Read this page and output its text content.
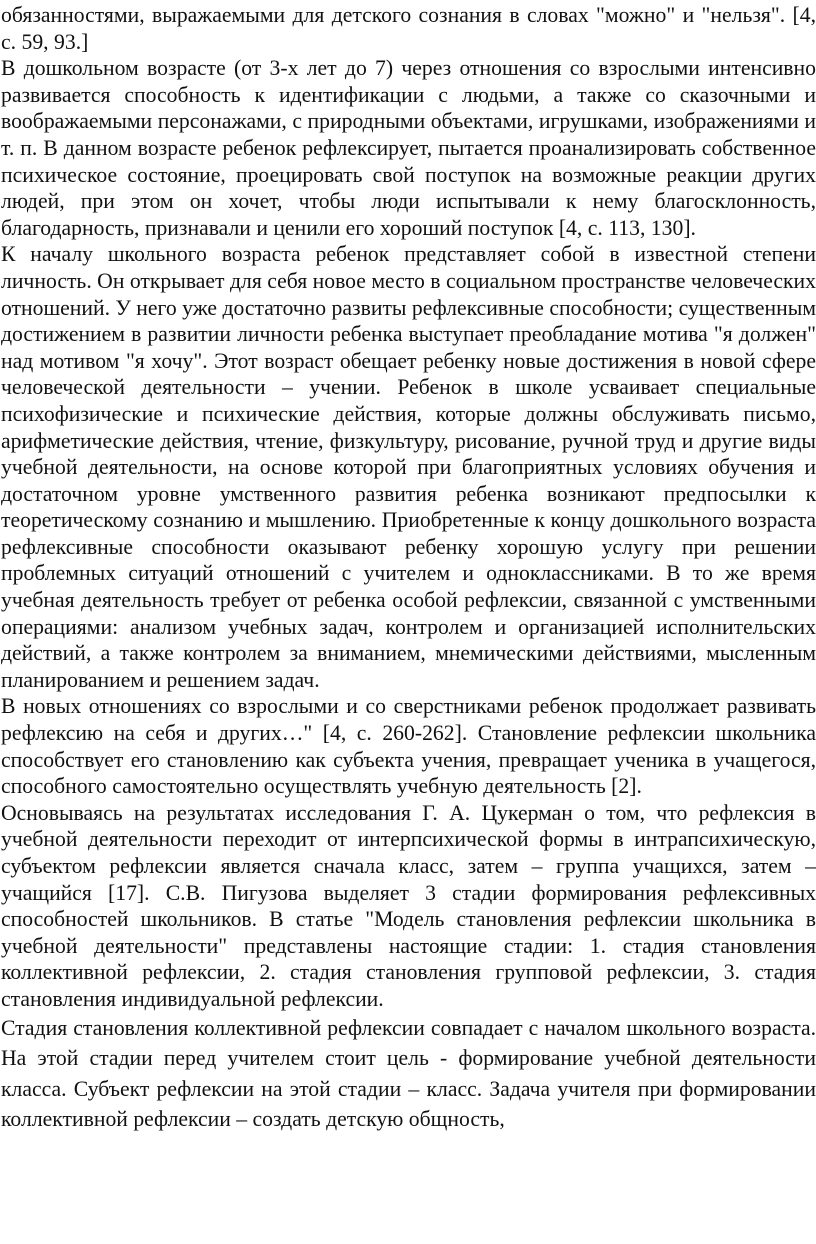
обязанностями, выражаемыми для детского сознания в словах "можно" и "нельзя". [4, с. 59, 93.]

В дошкольном возрасте (от 3-х лет до 7) через отношения со взрослыми интенсивно развивается способность к идентификации с людьми, а также со сказочными и воображаемыми персонажами, с природными объектами, игрушками, изображениями и т. п. В данном возрасте ребенок рефлексирует, пытается проанализировать собственное психическое состояние, проецировать свой поступок на возможные реакции других людей, при этом он хочет, чтобы люди испытывали к нему благосклонность, благодарность, признавали и ценили его хороший поступок [4, с. 113, 130].

К началу школьного возраста ребенок представляет собой в известной степени личность. Он открывает для себя новое место в социальном пространстве человеческих отношений. У него уже достаточно развиты рефлексивные способности; существенным достижением в развитии личности ребенка выступает преобладание мотива "я должен" над мотивом "я хочу". Этот возраст обещает ребенку новые достижения в новой сфере человеческой деятельности – учении. Ребенок в школе усваивает специальные психофизические и психические действия, которые должны обслуживать письмо, арифметические действия, чтение, физкультуру, рисование, ручной труд и другие виды учебной деятельности, на основе которой при благоприятных условиях обучения и достаточном уровне умственного развития ребенка возникают предпосылки к теоретическому сознанию и мышлению. Приобретенные к концу дошкольного возраста рефлексивные способности оказывают ребенку хорошую услугу при решении проблемных ситуаций отношений с учителем и одноклассниками. В то же время учебная деятельность требует от ребенка особой рефлексии, связанной с умственными операциями: анализом учебных задач, контролем и организацией исполнительских действий, а также контролем за вниманием, мнемическими действиями, мысленным планированием и решением задач.

В новых отношениях со взрослыми и со сверстниками ребенок продолжает развивать рефлексию на себя и других…" [4, с. 260-262]. Становление рефлексии школьника способствует его становлению как субъекта учения, превращает ученика в учащегося, способного самостоятельно осуществлять учебную деятельность [2].

Основываясь на результатах исследования Г. А. Цукерман о том, что рефлексия в учебной деятельности переходит от интерпсихической формы в интрапсихическую, субъектом рефлексии является сначала класс, затем – группа учащихся, затем – учащийся [17]. С.В. Пигузова выделяет 3 стадии формирования рефлексивных способностей школьников. В статье "Модель становления рефлексии школьника в учебной деятельности" представлены настоящие стадии: 1. стадия становления коллективной рефлексии, 2. стадия становления групповой рефлексии, 3. стадия становления индивидуальной рефлексии.

Стадия становления коллективной рефлексии совпадает с началом школьного возраста. На этой стадии перед учителем стоит цель - формирование учебной деятельности класса. Субъект рефлексии на этой стадии – класс. Задача учителя при формировании коллективной рефлексии – создать детскую общность,
